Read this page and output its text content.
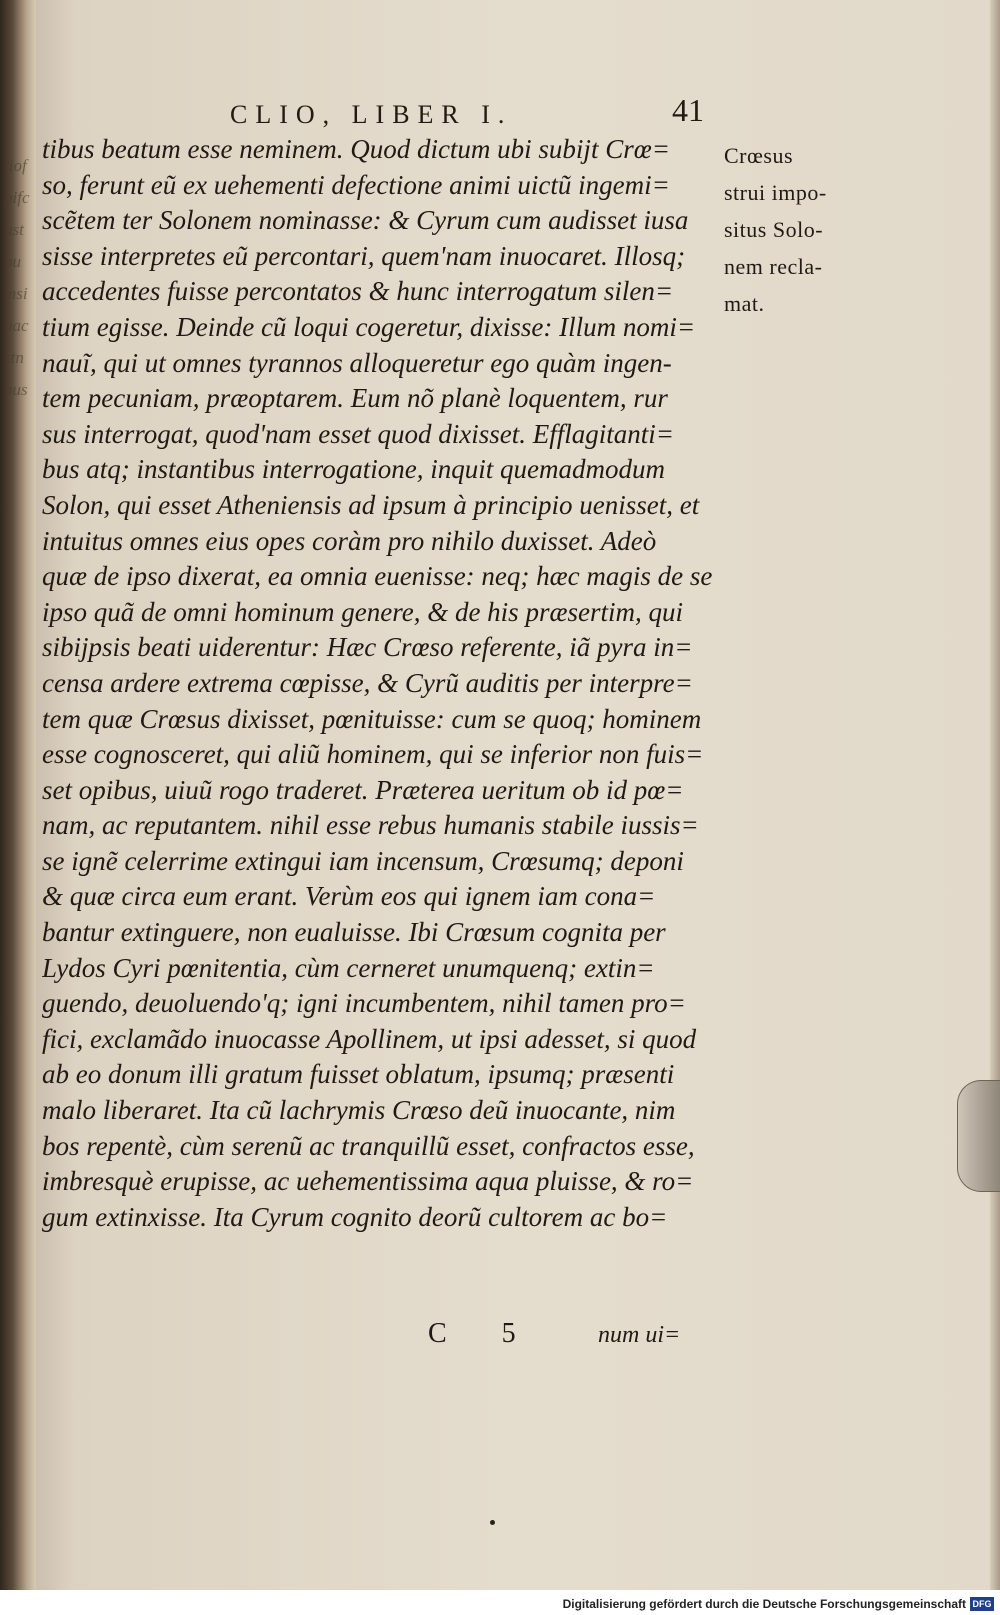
tiofpifcustoumsiuacstnaus
CLIO, LIBER I.	41
tibus beatum esse neminem. Quod dictum ubi subijt Crœ=
so, ferunt eũ ex uehementi defectione animi uictũ ingemi=
scẽtem ter Solonem nominasse: & Cyrum cum audisset iusa
sisse interpretes eũ percontari, quem'nam inuocaret. Illosq;
accedentes fuisse percontatos & hunc interrogatum silen=
tium egisse. Deinde cũ loqui cogeretur, dixisse: Illum nomi=
nauĩ, qui ut omnes tyrannos alloqueretur ego quàm ingen-
tem pecuniam, præoptarem. Eum nõ planè loquentem, rur
sus interrogat, quod'nam esset quod dixisset. Efflagitanti=
bus atq; instantibus interrogatione, inquit quemadmodum
Solon, qui esset Atheniensis ad ipsum à principio uenisset, et
intuitus omnes eius opes coràm pro nihilo duxisset. Adeò
quæ de ipso dixerat, ea omnia euenisse: neq; hæc magis de se
ipso quã de omni hominum genere, & de his præsertim, qui
sibijpsis beati uiderentur: Hæc Crœso referente, iã pyra in=
censa ardere extrema cœpisse, & Cyrũ auditis per interpre=
tem quæ Crœsus dixisset, pœnituisse: cum se quoq; hominem
esse cognosceret, qui aliũ hominem, qui se inferior non fuis=
set opibus, uiuũ rogo traderet. Præterea ueritum ob id pœ=
nam, ac reputantem. nihil esse rebus humanis stabile iussis=
se ignẽ celerrime extingui iam incensum, Crœsumq; deponi
& quæ circa eum erant. Verùm eos qui ignem iam cona=
bantur extinguere, non eualuisse. Ibi Crœsum cognita per
Lydos Cyri pœnitentia, cùm cerneret unumquenq; extin=
guendo, deuoluendo'q; igni incumbentem, nihil tamen pro=
fici, exclamãdo inuocasse Apollinem, ut ipsi adesset, si quod
ab eo donum illi gratum fuisset oblatum, ipsumq; præsenti
malo liberaret. Ita cũ lachrymis Crœso deũ inuocante, nim
bos repentè, cùm serenũ ac tranquillũ esset, confractos esse,
imbresquè erupisse, ac uehementissima aqua pluisse, & ro=
gum extinxisse. Ita Cyrum cognito deorũ cultorem ac bo=
Crœsus
strui impo-
situs Solo-
nem recla-
mat.
C 5 num ui=
Digitalisierung gefördert durch die Deutsche Forschungsgemeinschaft DFG
